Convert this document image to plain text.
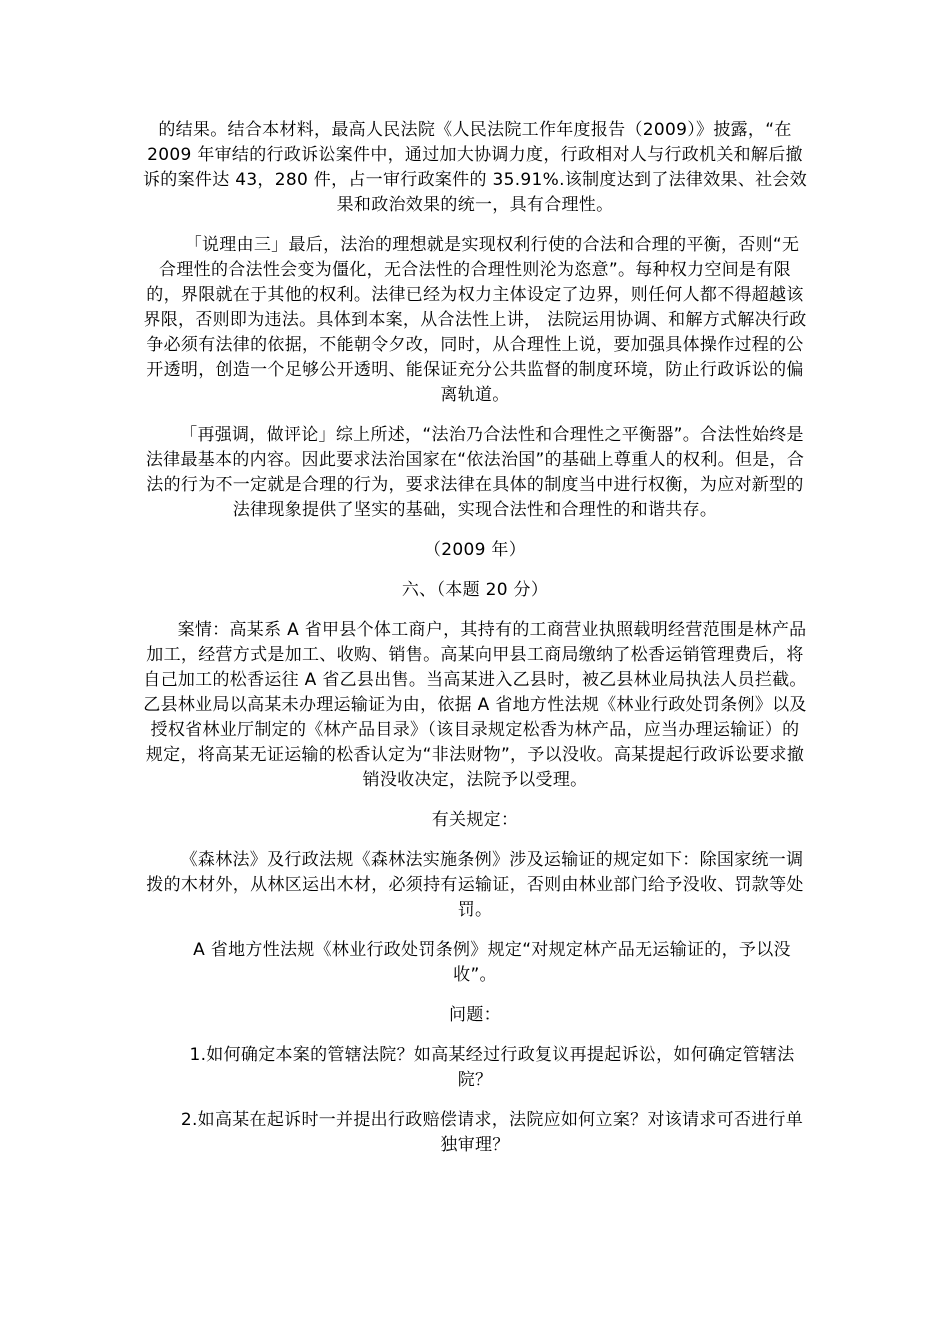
的结果。结合本材料，最高人民法院《人民法院工作年度报告（2009）》披露，“在 2009 年审结的行政诉讼案件中，通过加大协调力度，行政相对人与行政机关和解后撤诉的案件达 43，280 件，占一审行政案件的 35.91%.该制度达到了法律效果、社会效果和政治效果的统一，具有合理性。

「说理由三」最后，法治的理想就是实现权利行使的合法和合理的平衡，否则“无合理性的合法性会变为僵化，无合法性的合理性则沦为恣意”。每种权力空间是有限的，界限就在于其他的权利。法律已经为权力主体设定了边界，则任何人都不得超越该界限，否则即为违法。具体到本案，从合法性上讲， 法院运用协调、和解方式解决行政争必须有法律的依据，不能朝令夕改，同时，从合理性上说，要加强具体操作过程的公开透明，创造一个足够公开透明、能保证充分公共监督的制度环境，防止行政诉讼的偏离轨道。

「再强调，做评论」综上所述，“法治乃合法性和合理性之平衡器”。合法性始终是法律最基本的内容。因此要求法治国家在“依法治国”的基础上尊重人的权利。但是，合法的行为不一定就是合理的行为，要求法律在具体的制度当中进行权衡，为应对新型的法律现象提供了坚实的基础，实现合法性和合理性的和谐共存。

（2009 年）

六、（本题 20 分）

案情：高某系 A 省甲县个体工商户，其持有的工商营业执照载明经营范围是林产品加工，经营方式是加工、收购、销售。高某向甲县工商局缴纳了松香运销管理费后，将自己加工的松香运往 A 省乙县出售。当高某进入乙县时，被乙县林业局执法人员拦截。乙县林业局以高某未办理运输证为由，依据 A 省地方性法规《林业行政处罚条例》以及授权省林业厅制定的《林产品目录》（该目录规定松香为林产品，应当办理运输证）的规定，将高某无证运输的松香认定为“非法财物”，予以没收。高某提起行政诉讼要求撤销没收决定，法院予以受理。

有关规定：

《森林法》及行政法规《森林法实施条例》涉及运输证的规定如下：除国家统一调拨的木材外，从林区运出木材，必须持有运输证，否则由林业部门给予没收、罚款等处罚。

A 省地方性法规《林业行政处罚条例》规定“对规定林产品无运输证的，予以没收”。

问题：

1.如何确定本案的管辖法院？如高某经过行政复议再提起诉讼，如何确定管辖法院？

2.如高某在起诉时一并提出行政赔偿请求，法院应如何立案？对该请求可否进行单独审理？
